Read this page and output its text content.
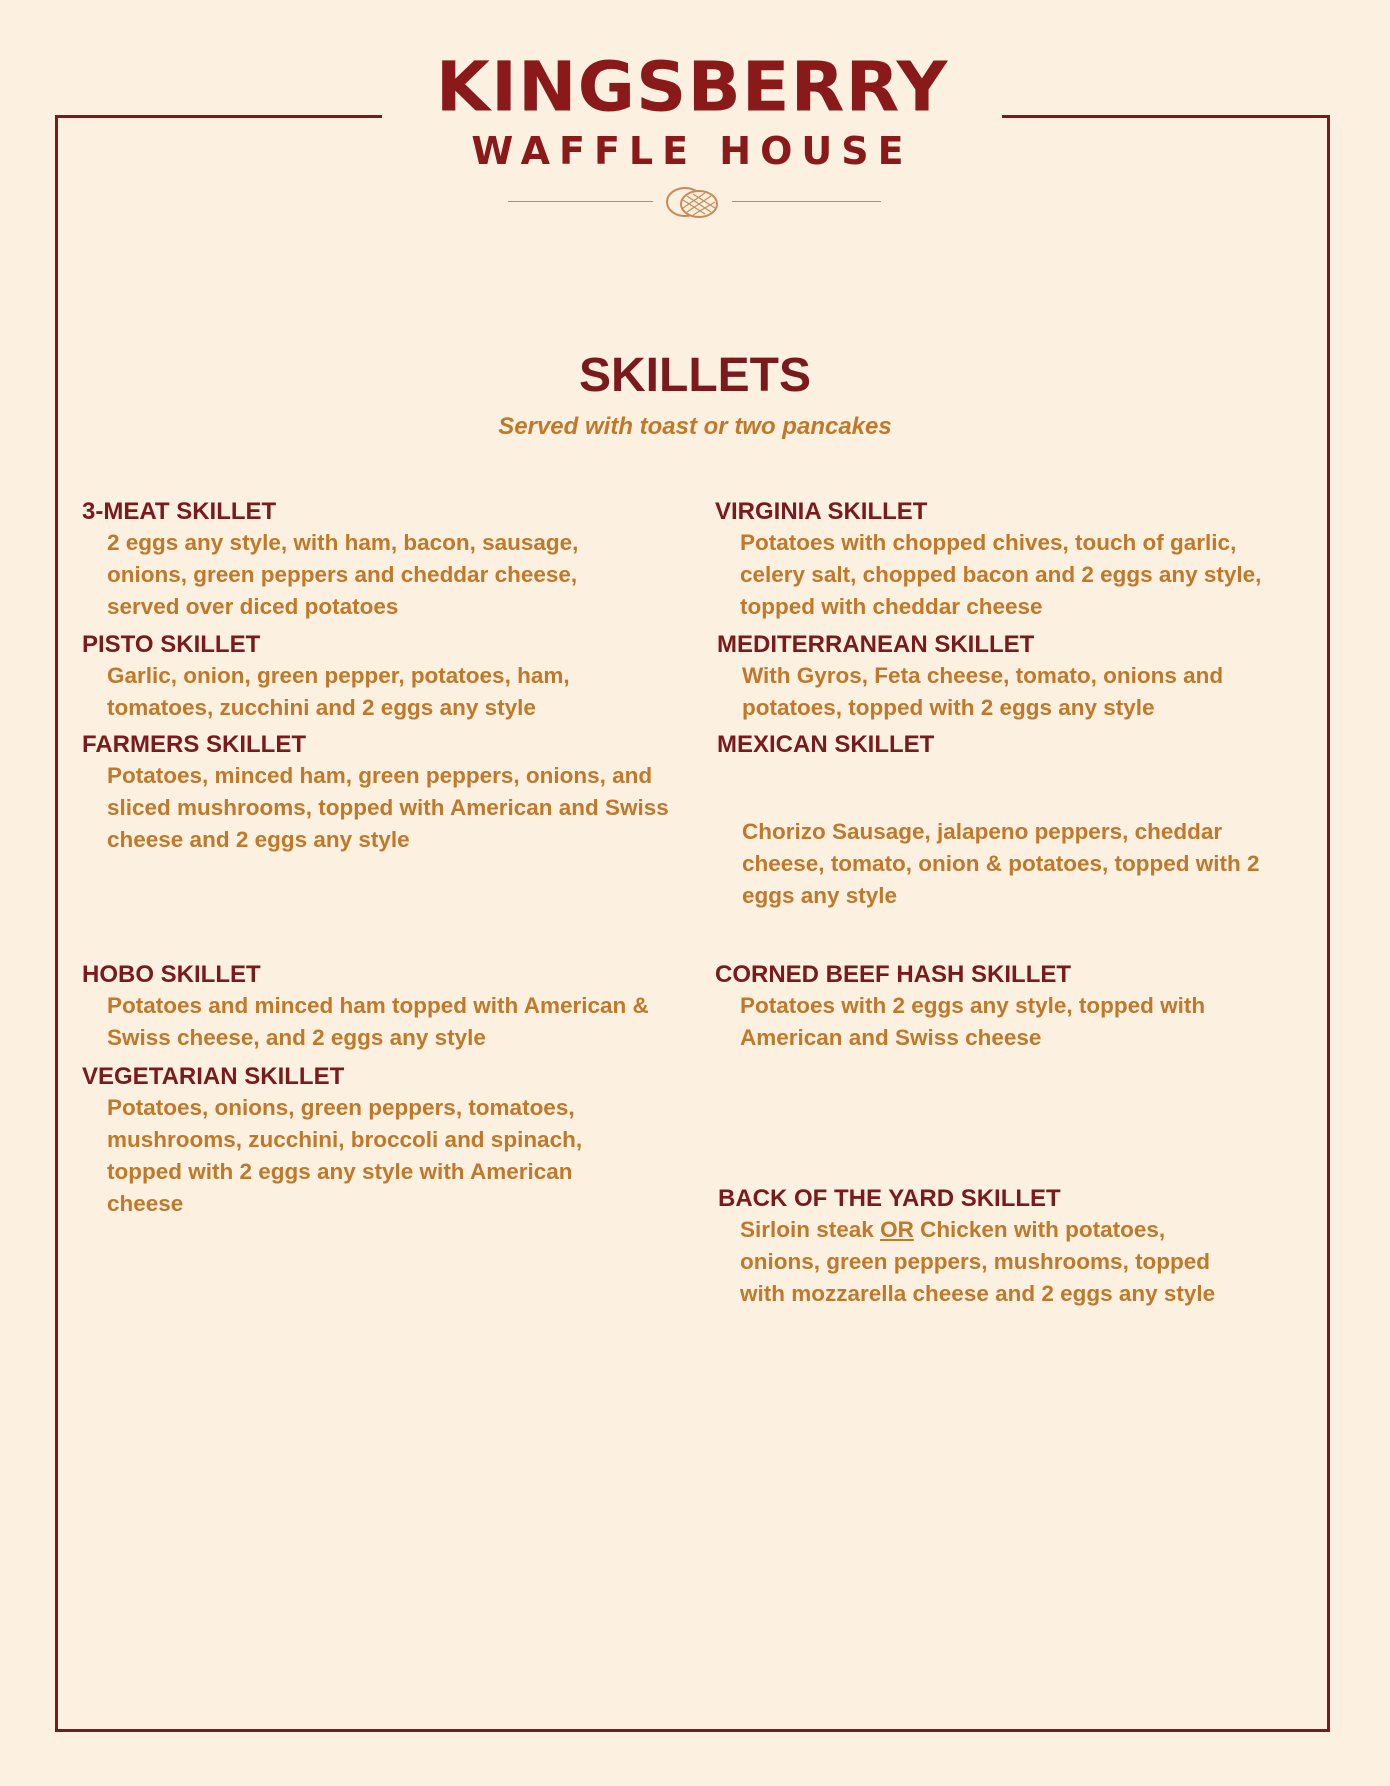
KINGSBERRY
WAFFLE HOUSE
SKILLETS
Served with toast or two pancakes
3-MEAT SKILLET
2 eggs any style, with ham, bacon, sausage, onions, green peppers and cheddar cheese, served over diced potatoes
PISTO SKILLET
Garlic, onion, green pepper, potatoes, ham, tomatoes, zucchini and 2 eggs any style
FARMERS SKILLET
Potatoes, minced ham, green peppers, onions, and sliced mushrooms, topped with American and Swiss cheese and 2 eggs any style
HOBO SKILLET
Potatoes and minced ham topped with American & Swiss cheese, and 2 eggs any style
VEGETARIAN SKILLET
Potatoes, onions, green peppers, tomatoes, mushrooms, zucchini, broccoli and spinach, topped with 2 eggs any style with American cheese
VIRGINIA SKILLET
Potatoes with chopped chives, touch of garlic, celery salt, chopped bacon and 2 eggs any style, topped with cheddar cheese
MEDITERRANEAN SKILLET
With Gyros, Feta cheese, tomato, onions and potatoes, topped with 2 eggs any style
MEXICAN SKILLET
Chorizo Sausage, jalapeno peppers, cheddar cheese, tomato, onion & potatoes, topped with 2 eggs any style
CORNED BEEF HASH SKILLET
Potatoes with 2 eggs any style, topped with American and Swiss cheese
BACK OF THE YARD SKILLET
Sirloin steak OR Chicken with potatoes, onions, green peppers, mushrooms, topped with mozzarella cheese and 2 eggs any style
